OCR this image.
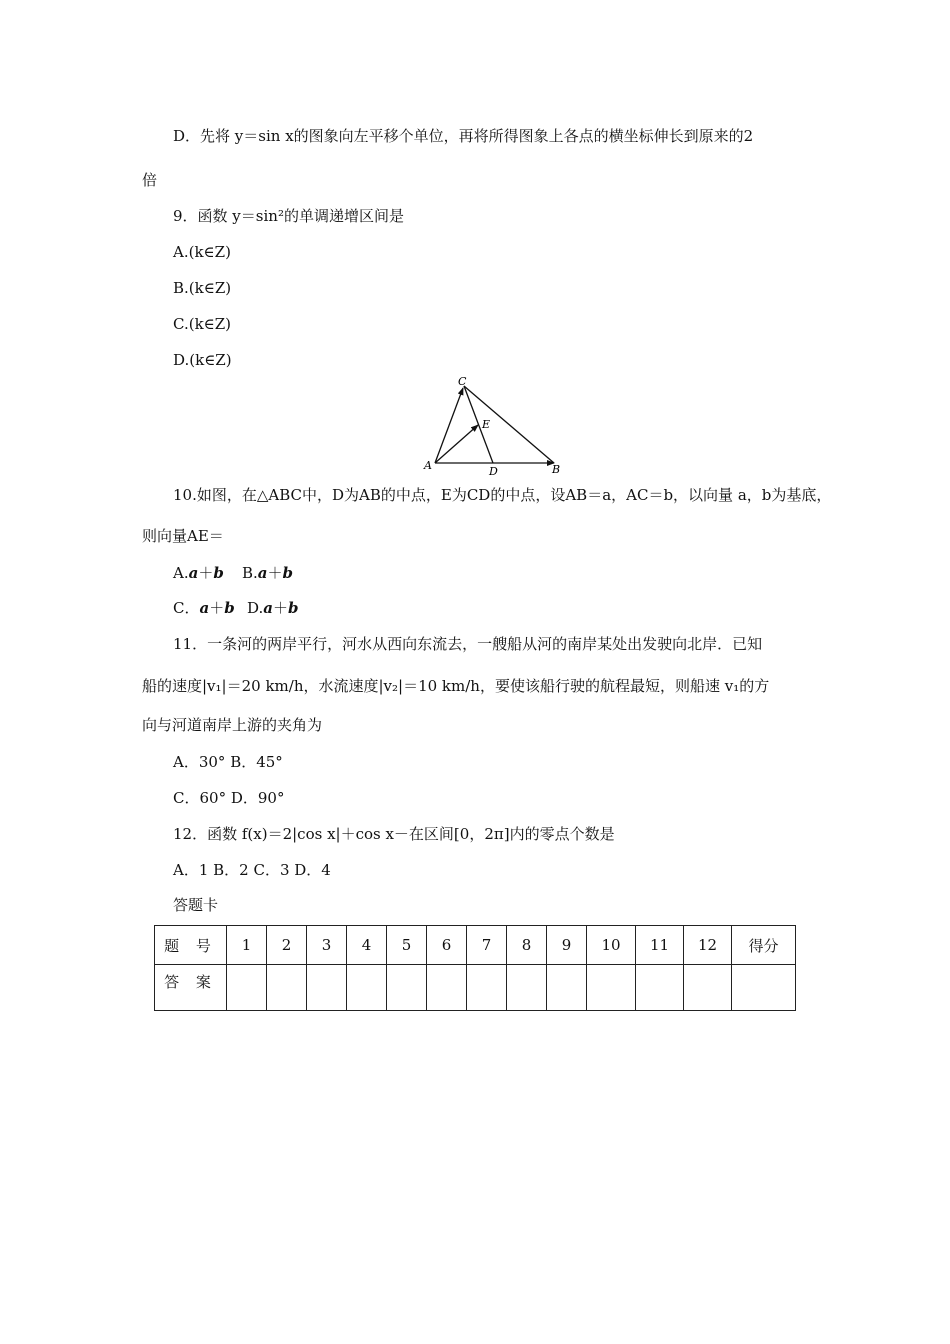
D．先将 y＝sin x的图象向左平移个单位，再将所得图象上各点的横坐标伸长到原来的2
倍
9．函数 y＝sin²的单调递增区间是
A.(k∈Z)
B.(k∈Z)
C.(k∈Z)
D.(k∈Z)
A	B
C
D
E
10.如图，在△ABC中，D为AB的中点，E为CD的中点，设AB＝a，AC＝b，以向量 a，b为基底，
则向量AE＝
A.a＋b B.a＋b
C．a＋b D.a＋b
11．一条河的两岸平行，河水从西向东流去，一艘船从河的南岸某处出发驶向北岸．已知
船的速度|v₁|＝20 km/h，水流速度|v₂|＝10 km/h，要使该船行驶的航程最短，则船速 v₁的方
向与河道南岸上游的夹角为
A．30° B．45°
C．60° D．90°
12．函数 f(x)＝2|cos x|＋cos x－在区间[0，2π]内的零点个数是
A．1 B．2 C．3 D．4
答题卡
题 号	1	2	3	4	5	6	7	8	9	10	11	12	得分
答 案													
